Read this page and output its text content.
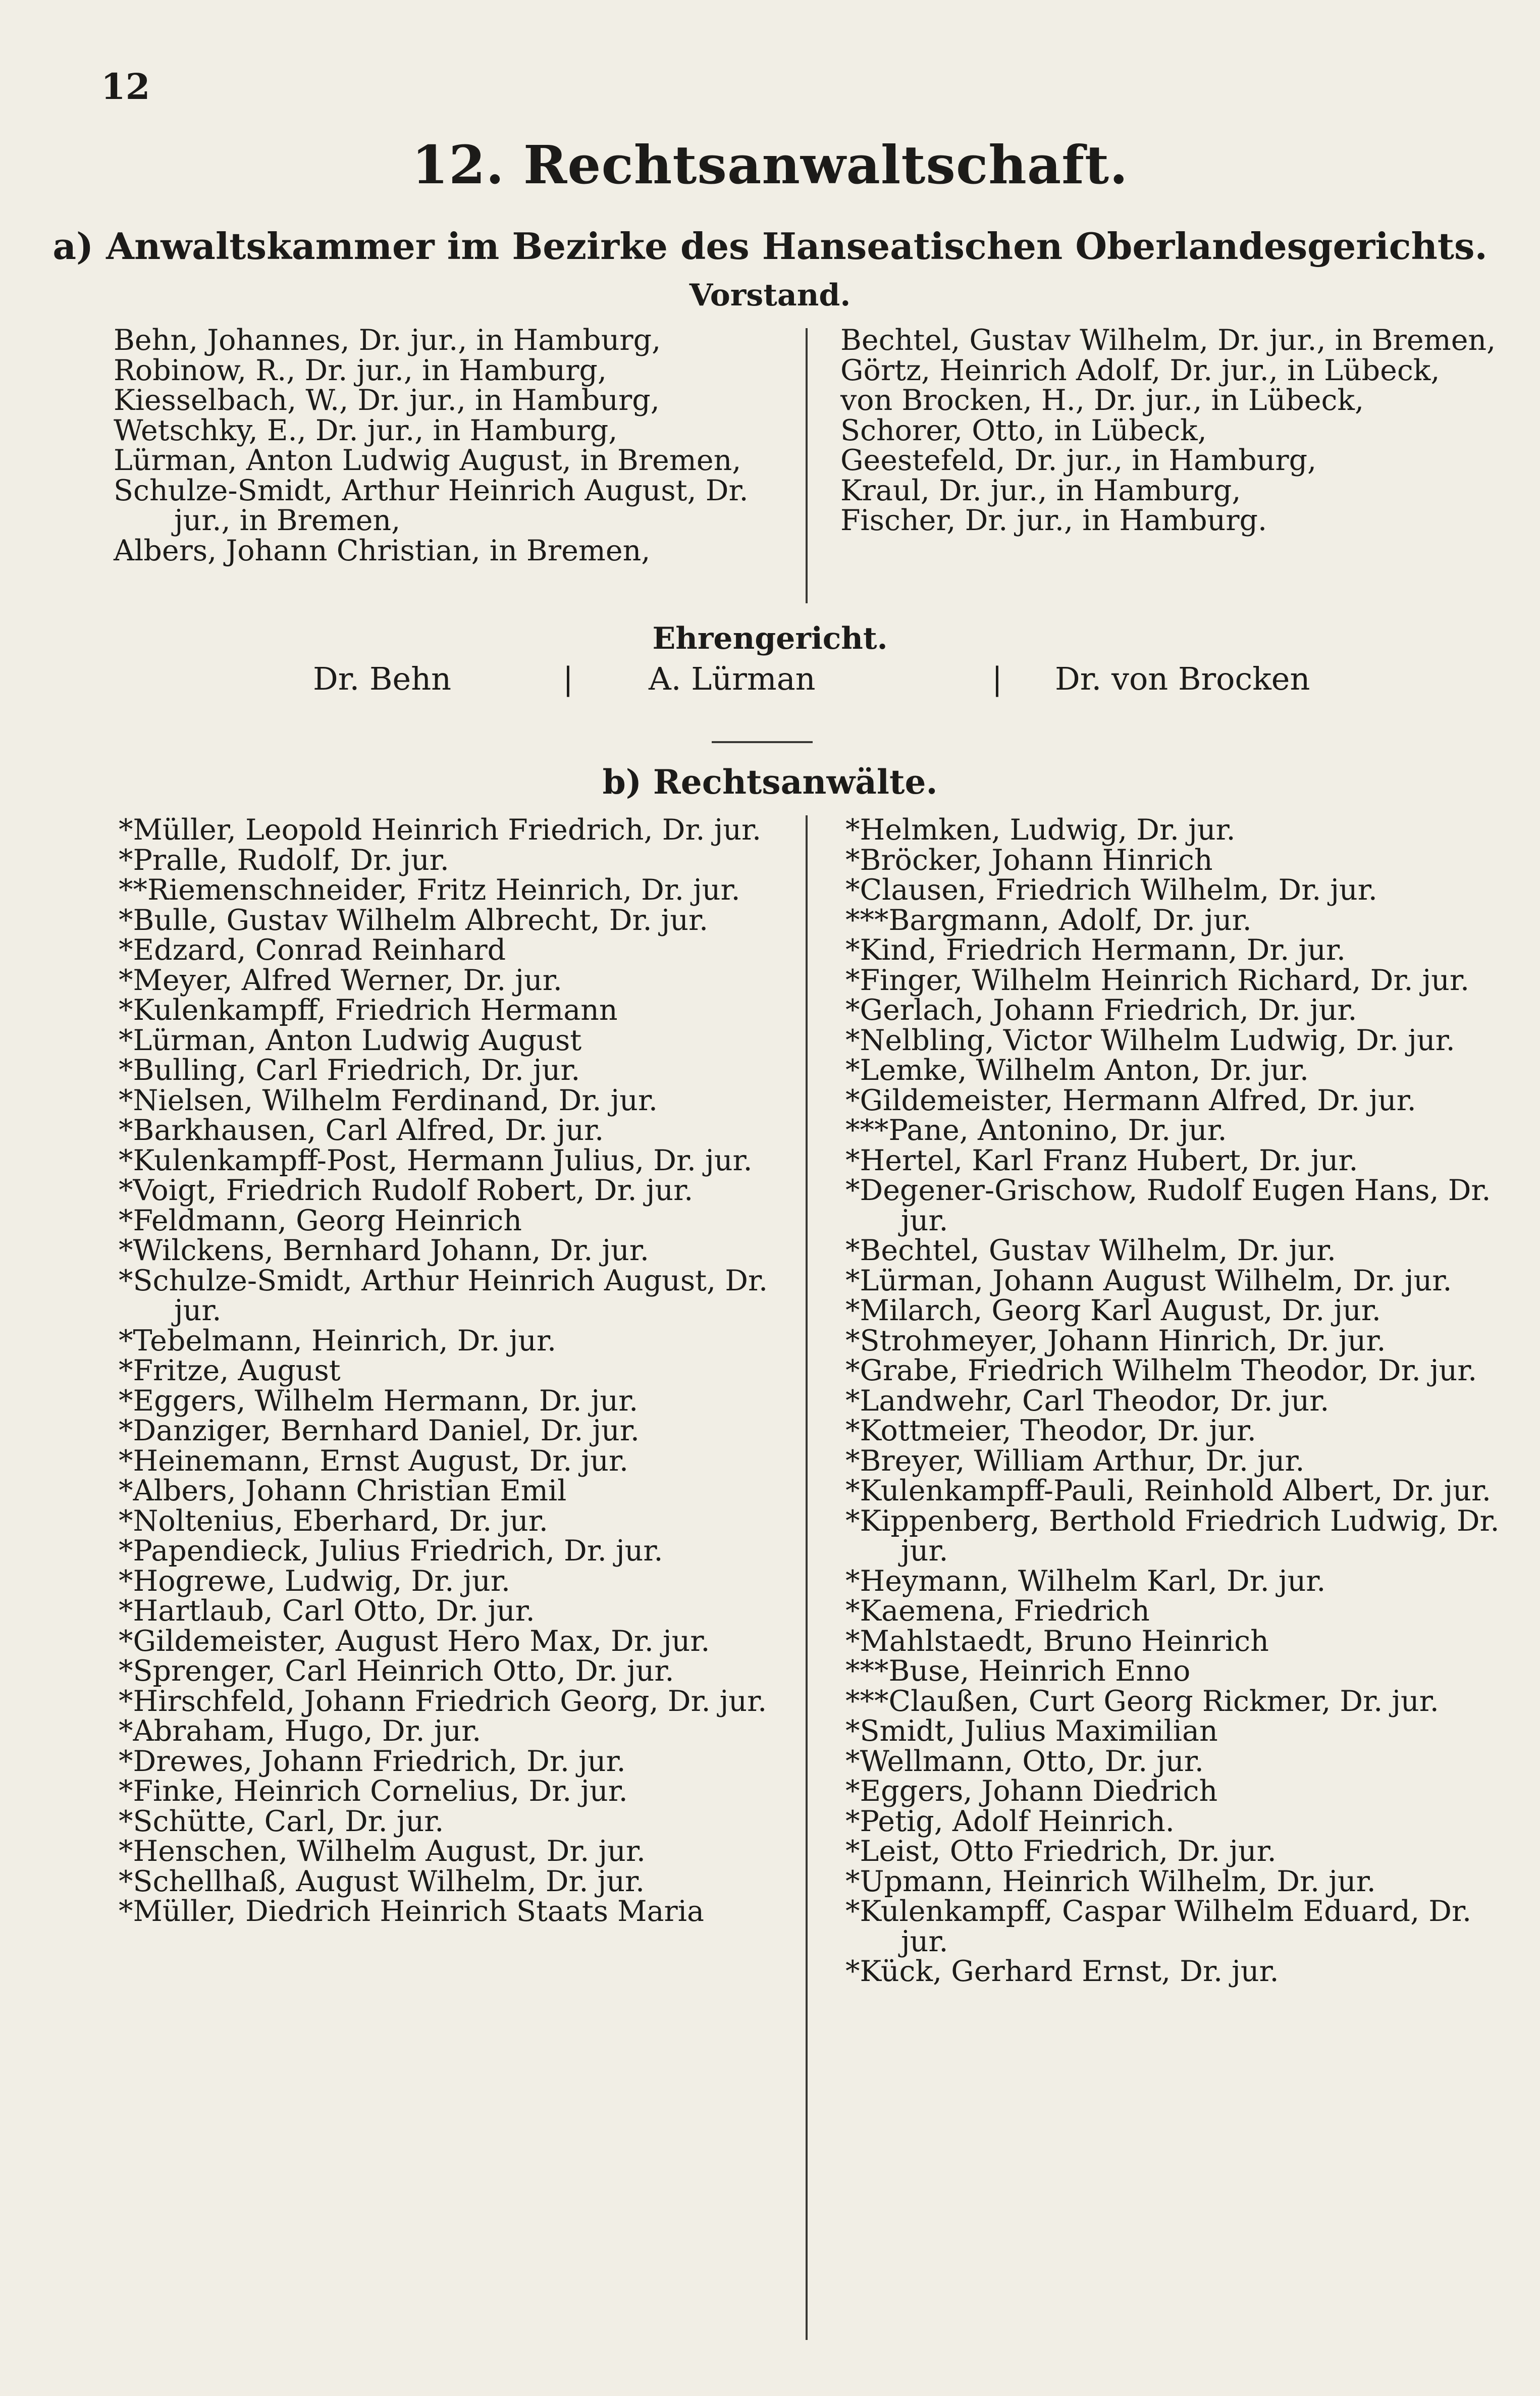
12
12. Rechtsanwaltschaft.
a) Anwaltskammer im Bezirke des Hanseatischen Oberlandesgerichts.
Vorstand.
Behn, Johannes, Dr. jur., in Hamburg,
Robinow, R., Dr. jur., in Hamburg,
Kiesselbach, W., Dr. jur., in Hamburg,
Wetschky, E., Dr. jur., in Hamburg,
Lürman, Anton Ludwig August, in Bremen,
Schulze-Smidt, Arthur Heinrich August, Dr. jur., in Bremen,
Albers, Johann Christian, in Bremen,
Bechtel, Gustav Wilhelm, Dr. jur., in Bremen,
Görtz, Heinrich Adolf, Dr. jur., in Lübeck,
von Brocken, H., Dr. jur., in Lübeck,
Schorer, Otto, in Lübeck,
Geestefeld, Dr. jur., in Hamburg,
Kraul, Dr. jur., in Hamburg,
Fischer, Dr. jur., in Hamburg.
Ehrengericht.
Dr. Behn	| A. Lürman	| Dr. von Brocken
b) Rechtsanwälte.
*Müller, Leopold Heinrich Friedrich, Dr. jur.
*Pralle, Rudolf, Dr. jur.
**Riemenschneider, Fritz Heinrich, Dr. jur.
*Bulle, Gustav Wilhelm Albrecht, Dr. jur.
*Edzard, Conrad Reinhard
*Meyer, Alfred Werner, Dr. jur.
*Kulenkampff, Friedrich Hermann
*Lürman, Anton Ludwig August
*Bulling, Carl Friedrich, Dr. jur.
*Nielsen, Wilhelm Ferdinand, Dr. jur.
*Barkhausen, Carl Alfred, Dr. jur.
*Kulenkampff-Post, Hermann Julius, Dr. jur.
*Voigt, Friedrich Rudolf Robert, Dr. jur.
*Feldmann, Georg Heinrich
*Wilckens, Bernhard Johann, Dr. jur.
*Schulze-Smidt, Arthur Heinrich August, Dr. jur.
*Tebelmann, Heinrich, Dr. jur.
*Fritze, August
*Eggers, Wilhelm Hermann, Dr. jur.
*Danziger, Bernhard Daniel, Dr. jur.
*Heinemann, Ernst August, Dr. jur.
*Albers, Johann Christian Emil
*Noltenius, Eberhard, Dr. jur.
*Papendieck, Julius Friedrich, Dr. jur.
*Hogrewe, Ludwig, Dr. jur.
*Hartlaub, Carl Otto, Dr. jur.
*Gildemeister, August Hero Max, Dr. jur.
*Sprenger, Carl Heinrich Otto, Dr. jur.
*Hirschfeld, Johann Friedrich Georg, Dr. jur.
*Abraham, Hugo, Dr. jur.
*Drewes, Johann Friedrich, Dr. jur.
*Finke, Heinrich Cornelius, Dr. jur.
*Schütte, Carl, Dr. jur.
*Henschen, Wilhelm August, Dr. jur.
*Schellhaß, August Wilhelm, Dr. jur.
*Müller, Diedrich Heinrich Staats Maria
*Helmken, Ludwig, Dr. jur.
*Bröcker, Johann Hinrich
*Clausen, Friedrich Wilhelm, Dr. jur.
***Bargmann, Adolf, Dr. jur.
*Kind, Friedrich Hermann, Dr. jur.
*Finger, Wilhelm Heinrich Richard, Dr. jur.
*Gerlach, Johann Friedrich, Dr. jur.
*Nelbling, Victor Wilhelm Ludwig, Dr. jur.
*Lemke, Wilhelm Anton, Dr. jur.
*Gildemeister, Hermann Alfred, Dr. jur.
***Pane, Antonino, Dr. jur.
*Hertel, Karl Franz Hubert, Dr. jur.
*Degener-Grischow, Rudolf Eugen Hans, Dr. jur.
*Bechtel, Gustav Wilhelm, Dr. jur.
*Lürman, Johann August Wilhelm, Dr. jur.
*Milarch, Georg Karl August, Dr. jur.
*Strohmeyer, Johann Hinrich, Dr. jur.
*Grabe, Friedrich Wilhelm Theodor, Dr. jur.
*Landwehr, Carl Theodor, Dr. jur.
*Kottmeier, Theodor, Dr. jur.
*Breyer, William Arthur, Dr. jur.
*Kulenkampff-Pauli, Reinhold Albert, Dr. jur.
*Kippenberg, Berthold Friedrich Ludwig, Dr. jur.
*Heymann, Wilhelm Karl, Dr. jur.
*Kaemena, Friedrich
*Mahlstaedt, Bruno Heinrich
***Buse, Heinrich Enno
***Claußen, Curt Georg Rickmer, Dr. jur.
*Smidt, Julius Maximilian
*Wellmann, Otto, Dr. jur.
*Eggers, Johann Diedrich
*Petig, Adolf Heinrich.
*Leist, Otto Friedrich, Dr. jur.
*Upmann, Heinrich Wilhelm, Dr. jur.
*Kulenkampff, Caspar Wilhelm Eduard, Dr. jur.
*Kück, Gerhard Ernst, Dr. jur.
